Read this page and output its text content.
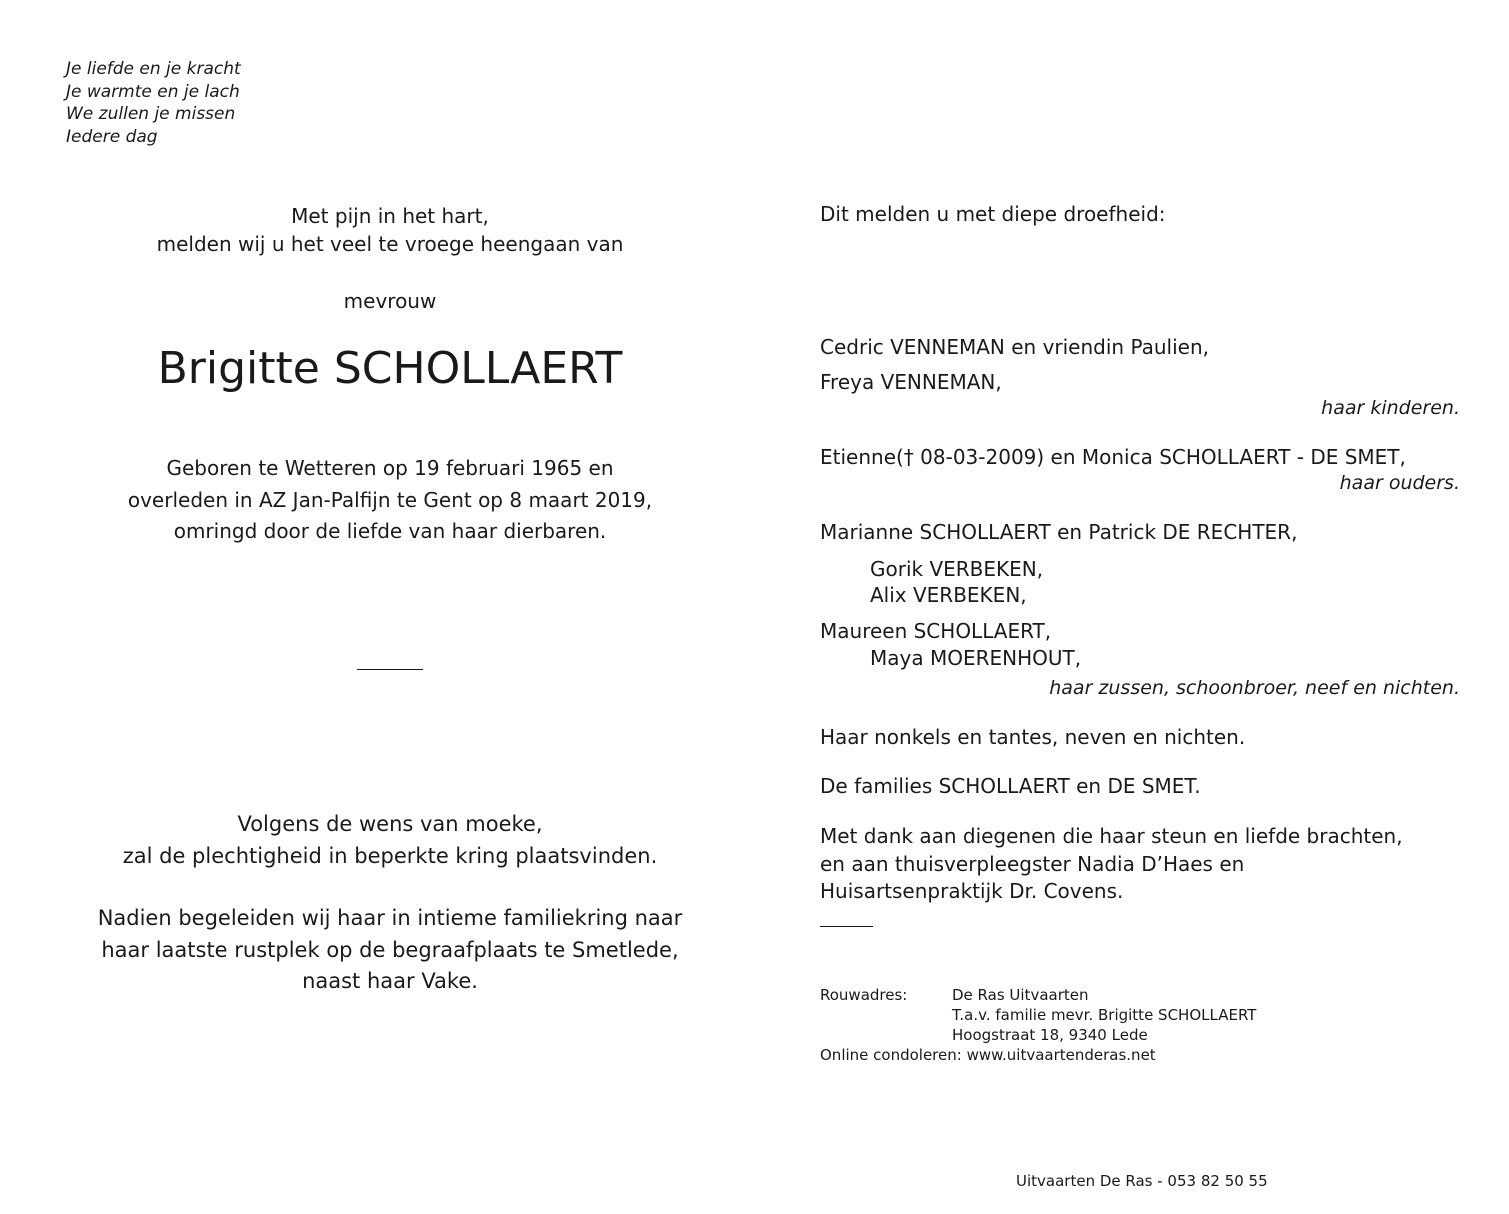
Je liefde en je kracht
Je warmte en je lach
We zullen je missen
Iedere dag
Met pijn in het hart,
melden wij u het veel te vroege heengaan van
mevrouw
Brigitte SCHOLLAERT
Geboren te Wetteren op 19 februari 1965 en
overleden in AZ Jan-Palfijn te Gent op 8 maart 2019,
omringd door de liefde van haar dierbaren.
Volgens de wens van moeke,
zal de plechtigheid in beperkte kring plaatsvinden.
Nadien begeleiden wij haar in intieme familiekring naar
haar laatste rustplek op de begraafplaats te Smetlede,
naast haar Vake.
Dit melden u met diepe droefheid:
Cedric VENNEMAN en vriendin Paulien,
Freya VENNEMAN,
haar kinderen.
Etienne(† 08-03-2009) en Monica SCHOLLAERT - DE SMET,
haar ouders.
Marianne SCHOLLAERT en Patrick DE RECHTER,
Gorik VERBEKEN,
Alix VERBEKEN,
Maureen SCHOLLAERT,
Maya MOERENHOUT,
haar zussen, schoonbroer, neef en nichten.
Haar nonkels en tantes, neven en nichten.
De families SCHOLLAERT en DE SMET.
Met dank aan diegenen die haar steun en liefde brachten,
en aan thuisverpleegster Nadia D’Haes en
Huisartsenpraktijk Dr. Covens.
Rouwadres:	De Ras Uitvaarten
T.a.v. familie mevr. Brigitte SCHOLLAERT
Hoogstraat 18, 9340 Lede
Online condoleren: www.uitvaartenderas.net
Uitvaarten De Ras - 053 82 50 55
